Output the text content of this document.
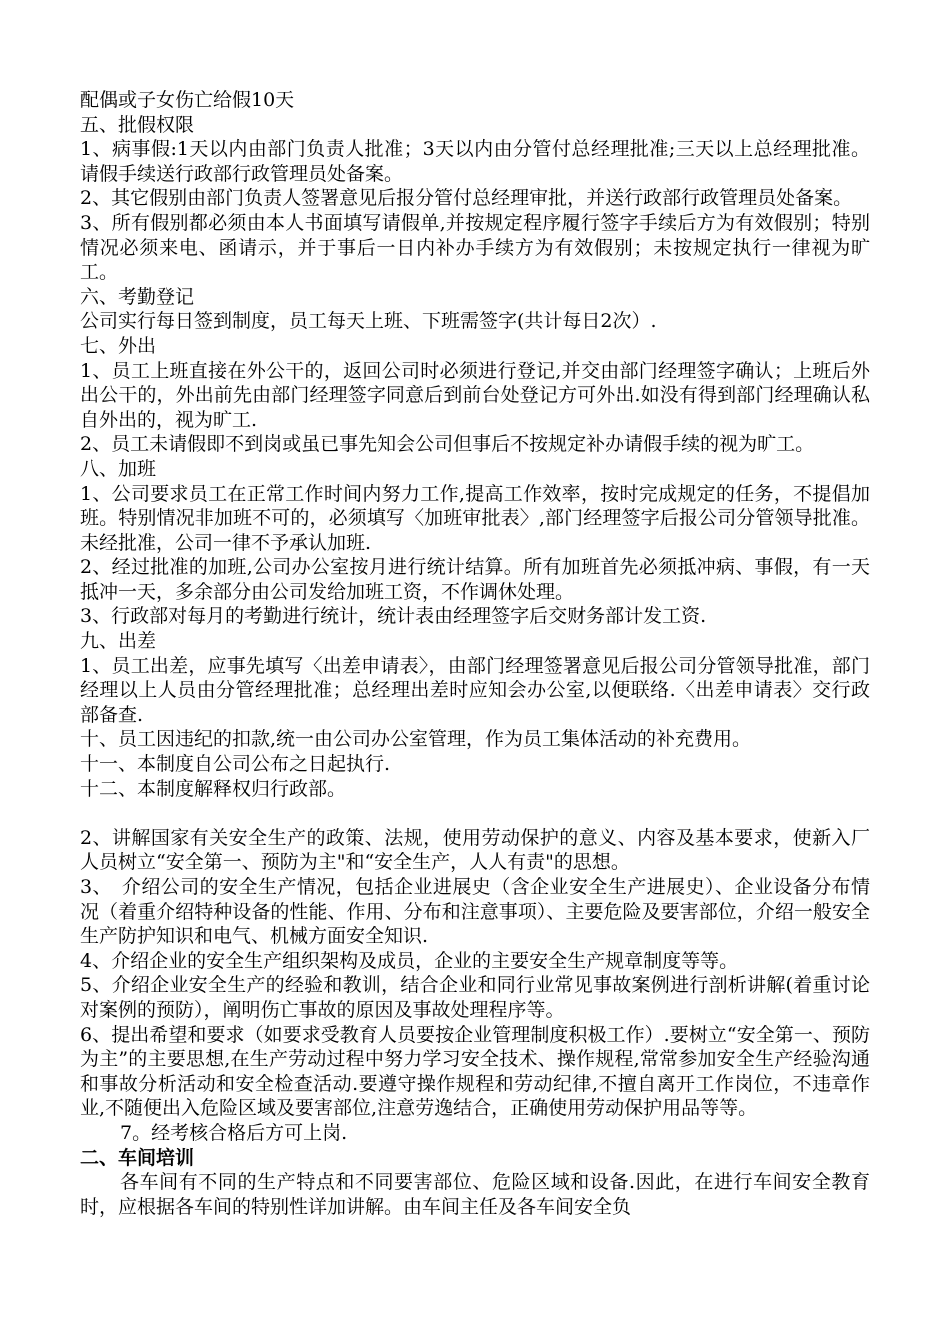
配偶或子女伤亡给假10天

五、批假权限

1、病事假:1天以内由部门负责人批准；3天以内由分管付总经理批准;三天以上总经理批准。请假手续送行政部行政管理员处备案。

2、其它假别由部门负责人签署意见后报分管付总经理审批，并送行政部行政管理员处备案。

3、所有假别都必须由本人书面填写请假单,并按规定程序履行签字手续后方为有效假别；特别情况必须来电、函请示，并于事后一日内补办手续方为有效假别；未按规定执行一律视为旷工。

六、考勤登记

公司实行每日签到制度，员工每天上班、下班需签字(共计每日2次）.

七、外出

1、员工上班直接在外公干的，返回公司时必须进行登记,并交由部门经理签字确认；上班后外出公干的，外出前先由部门经理签字同意后到前台处登记方可外出.如没有得到部门经理确认私自外出的，视为旷工.

2、员工未请假即不到岗或虽已事先知会公司但事后不按规定补办请假手续的视为旷工。

八、加班

1、公司要求员工在正常工作时间内努力工作,提高工作效率，按时完成规定的任务，不提倡加班。特别情况非加班不可的，必须填写〈加班审批表〉,部门经理签字后报公司分管领导批准。未经批准，公司一律不予承认加班.

2、经过批准的加班,公司办公室按月进行统计结算。所有加班首先必须抵冲病、事假，有一天抵冲一天，多余部分由公司发给加班工资，不作调休处理。

3、行政部对每月的考勤进行统计，统计表由经理签字后交财务部计发工资.

九、出差

1、员工出差，应事先填写〈出差申请表〉，由部门经理签署意见后报公司分管领导批准，部门经理以上人员由分管经理批准；总经理出差时应知会办公室,以便联络.〈出差申请表〉交行政部备查.

十、员工因违纪的扣款,统一由公司办公室管理，作为员工集体活动的补充费用。

十一、本制度自公司公布之日起执行.

十二、本制度解释权归行政部。

2、讲解国家有关安全生产的政策、法规，使用劳动保护的意义、内容及基本要求，使新入厂人员树立“安全第一、预防为主"和“安全生产，人人有责"的思想。

3、　介绍公司的安全生产情况，包括企业进展史（含企业安全生产进展史）、企业设备分布情况（着重介绍特种设备的性能、作用、分布和注意事项）、主要危险及要害部位，介绍一般安全生产防护知识和电气、机械方面安全知识.

4、介绍企业的安全生产组织架构及成员，企业的主要安全生产规章制度等等。

5、介绍企业安全生产的经验和教训，结合企业和同行业常见事故案例进行剖析讲解(着重讨论对案例的预防），阐明伤亡事故的原因及事故处理程序等。

6、提出希望和要求（如要求受教育人员要按企业管理制度积极工作）.要树立“安全第一、预防为主”的主要思想,在生产劳动过程中努力学习安全技术、操作规程,常常参加安全生产经验沟通和事故分析活动和安全检查活动.要遵守操作规程和劳动纪律,不擅自离开工作岗位，不违章作业,不随便出入危险区域及要害部位,注意劳逸结合，正确使用劳动保护用品等等。

7。经考核合格后方可上岗.

二、车间培训

各车间有不同的生产特点和不同要害部位、危险区域和设备.因此，在进行车间安全教育时，应根据各车间的特别性详加讲解。由车间主任及各车间安全负
